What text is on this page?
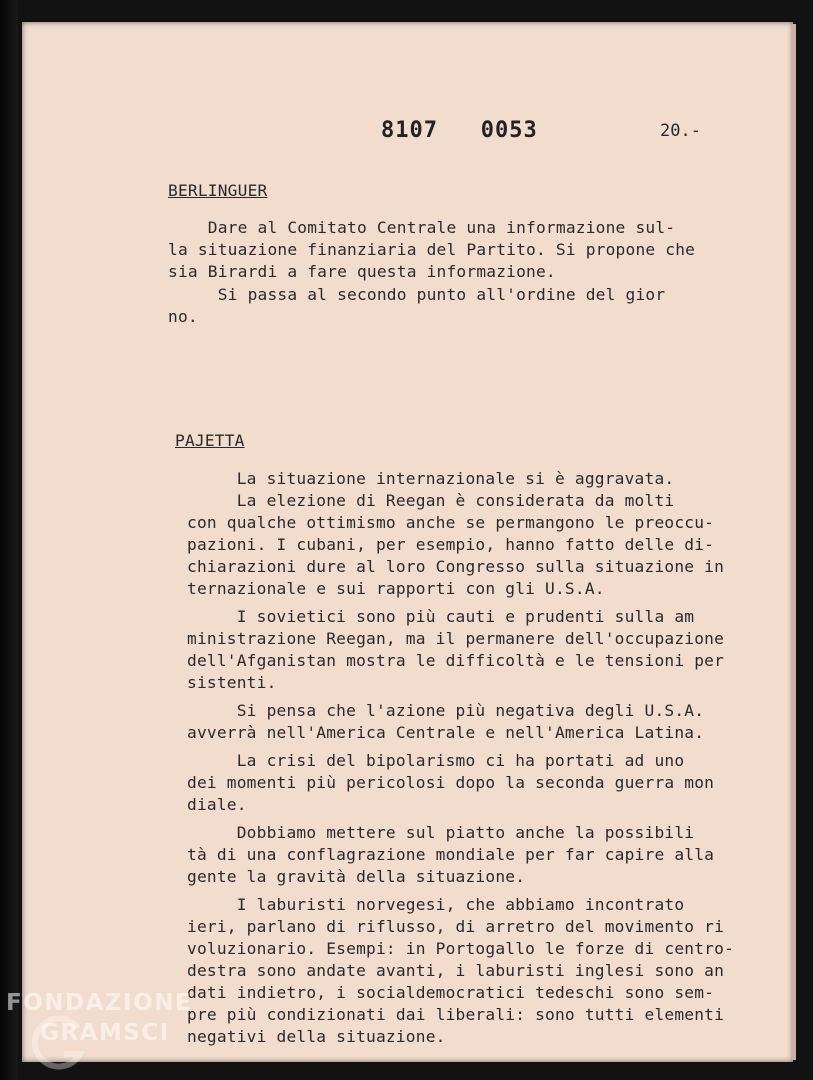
8107   0053	20.-
BERLINGUER
Dare al Comitato Centrale una informazione sul-
la situazione finanziaria del Partito. Si propone che
sia Birardi a fare questa informazione.
Si passa al secondo punto all'ordine del gior
no.
PAJETTA
La situazione internazionale si è aggravata.
La elezione di Reegan è considerata da molti
con qualche ottimismo anche se permangono le preoccu-
pazioni. I cubani, per esempio, hanno fatto delle di-
chiarazioni dure al loro Congresso sulla situazione in
ternazionale e sui rapporti con gli U.S.A.
I sovietici sono più cauti e prudenti sulla am
ministrazione Reegan, ma il permanere dell'occupazione
dell'Afganistan mostra le difficoltà e le tensioni per
sistenti.
Si pensa che l'azione più negativa degli U.S.A.
avverrà nell'America Centrale e nell'America Latina.
La crisi del bipolarismo ci ha portati ad uno
dei momenti più pericolosi dopo la seconda guerra mon
diale.
Dobbiamo mettere sul piatto anche la possibili
tà di una conflagrazione mondiale per far capire alla
gente la gravità della situazione.
I laburisti norvegesi, che abbiamo incontrato
ieri, parlano di riflusso, di arretro del movimento ri
voluzionario. Esempi: in Portogallo le forze di centro-
destra sono andate avanti, i laburisti inglesi sono an
dati indietro, i socialdemocratici tedeschi sono sem-
pre più condizionati dai liberali: sono tutti elementi
negativi della situazione.
FONDAZIONE
GRAMSCI
